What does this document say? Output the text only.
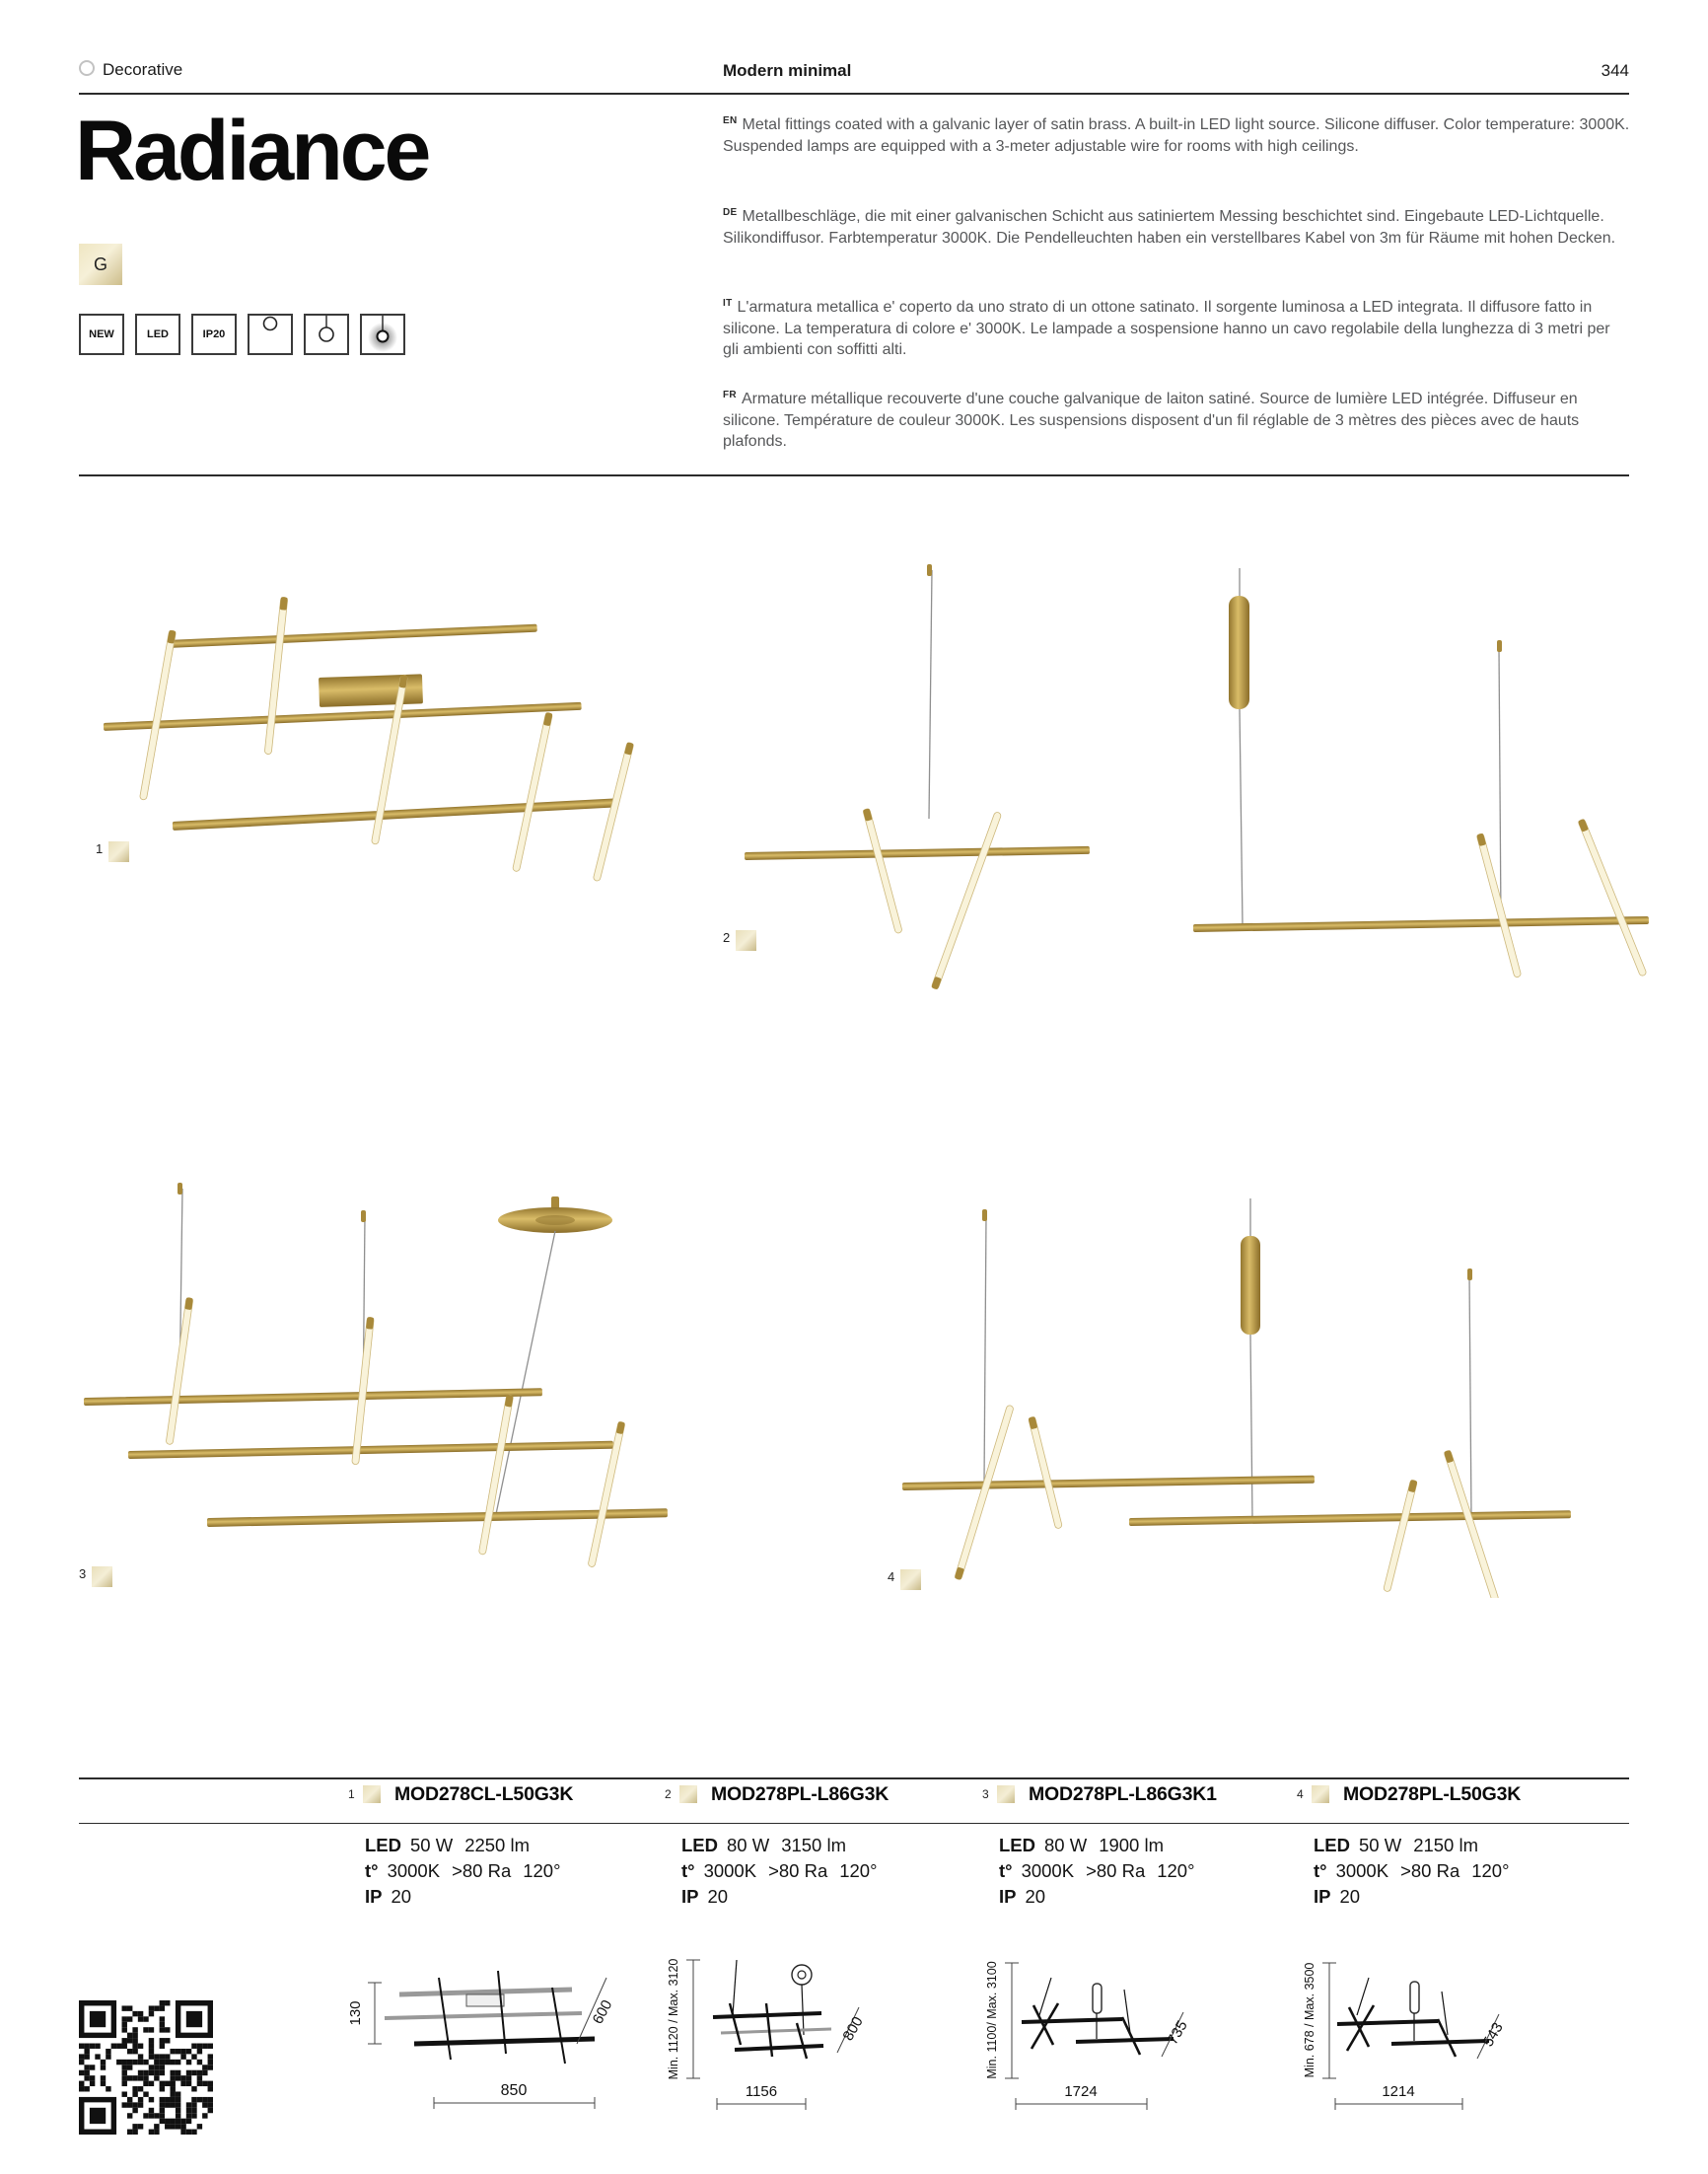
Decorative	Modern minimal	344
Radiance
G
NEW	LED	IP20
$^{EN}$ Metal fittings coated with a galvanic layer of satin brass. A built-in LED light source. Silicone diffuser. Color temperature: 3000K. Suspended lamps are equipped with a 3-meter adjustable wire for rooms with high ceilings.
$^{DE}$ Metallbeschläge, die mit einer galvanischen Schicht aus satiniertem Messing beschichtet sind. Eingebaute LED-Lichtquelle. Silikondiffusor. Farbtemperatur 3000K. Die Pendelleuchten haben ein verstellbares Kabel von 3m für Räume mit hohen Decken.
$^{IT}$ L'armatura metallica e' coperto da uno strato di un ottone satinato. Il sorgente luminosa a LED integrata. Il diffusore fatto in silicone. La temperatura di colore e' 3000K. Le lampade a sospensione hanno un cavo regolabile della lunghezza di 3 metri per gli ambienti con soffitti alti.
$^{FR}$ Armature métallique recouverte d'une couche galvanique de laiton satiné. Source de lumière LED intégrée. Diffuseur en silicone. Température de couleur 3000K. Les suspensions disposent d'un fil réglable de 3 mètres des pièces avec de hauts plafonds.
$^1$
$^2$
$^3$	$^4$
1 MOD278CL-L50G3K
LED 50 W 2250 lm
t° 3000K >80 Ra 120°
IP 20
2 MOD278PL-L86G3K
LED 80 W 3150 lm
t° 3000K >80 Ra 120°
IP 20
3 MOD278PL-L86G3K1
LED 80 W 1900 lm
t° 3000K >80 Ra 120°
IP 20
4 MOD278PL-L50G3K
LED 50 W 2150 lm
t° 3000K >80 Ra 120°
IP 20
130	600
850
Min. 1120 / Max. 3120	800
1156
Min. 1100/ Max. 3100	735
1724
Min. 678 / Max. 3500	543
1214
